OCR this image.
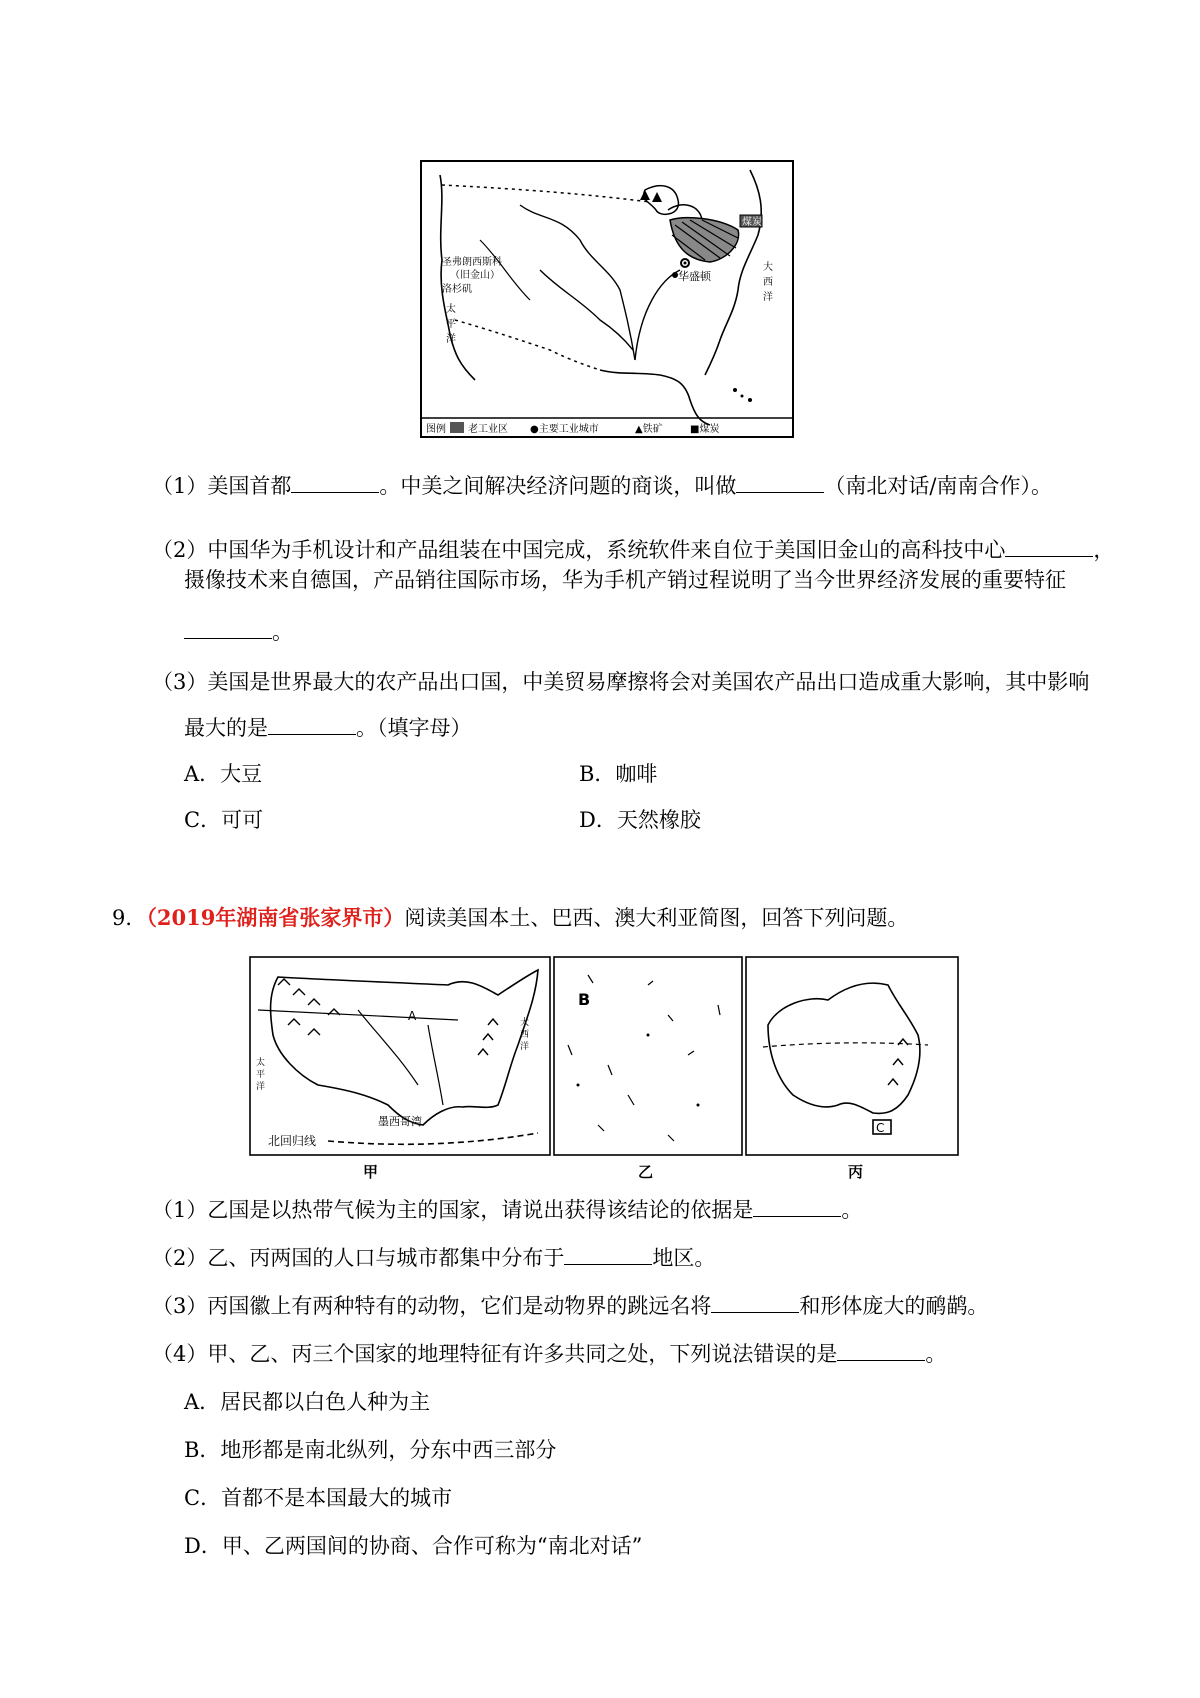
煤炭
华盛顿
圣弗朗西斯科
（旧金山）
洛杉矶
太
平
洋
大
西
洋
图例 老工业区 ●主要工业城市	▲铁矿	■煤炭
（1）美国首都	。中美之间解决经济问题的商谈，叫做	（南北对话/南南合作）。
（2）中国华为手机设计和产品组装在中国完成，系统软件来自位于美国旧金山的高科技中心	，
摄像技术来自德国，产品销往国际市场，华为手机产销过程说明了当今世界经济发展的重要特征
。
（3）美国是世界最大的农产品出口国，中美贸易摩擦将会对美国农产品出口造成重大影响，其中影响
最大的是	。（填字母）
A．大豆	B．咖啡
C．可可	D．天然橡胶
9．（2019年湖南省张家界市）阅读美国本土、巴西、澳大利亚简图，回答下列问题。
A
太
平
洋
大
西
洋
墨西哥湾
北回归线
B
C
甲	乙	丙
（1）乙国是以热带气候为主的国家，请说出获得该结论的依据是	。
（2）乙、丙两国的人口与城市都集中分布于	地区。
（3）丙国徽上有两种特有的动物，它们是动物界的跳远名将	和形体庞大的鸸鹋。
（4）甲、乙、丙三个国家的地理特征有许多共同之处，下列说法错误的是	。
A．居民都以白色人种为主
B．地形都是南北纵列，分东中西三部分
C．首都不是本国最大的城市
D．甲、乙两国间的协商、合作可称为“南北对话”
